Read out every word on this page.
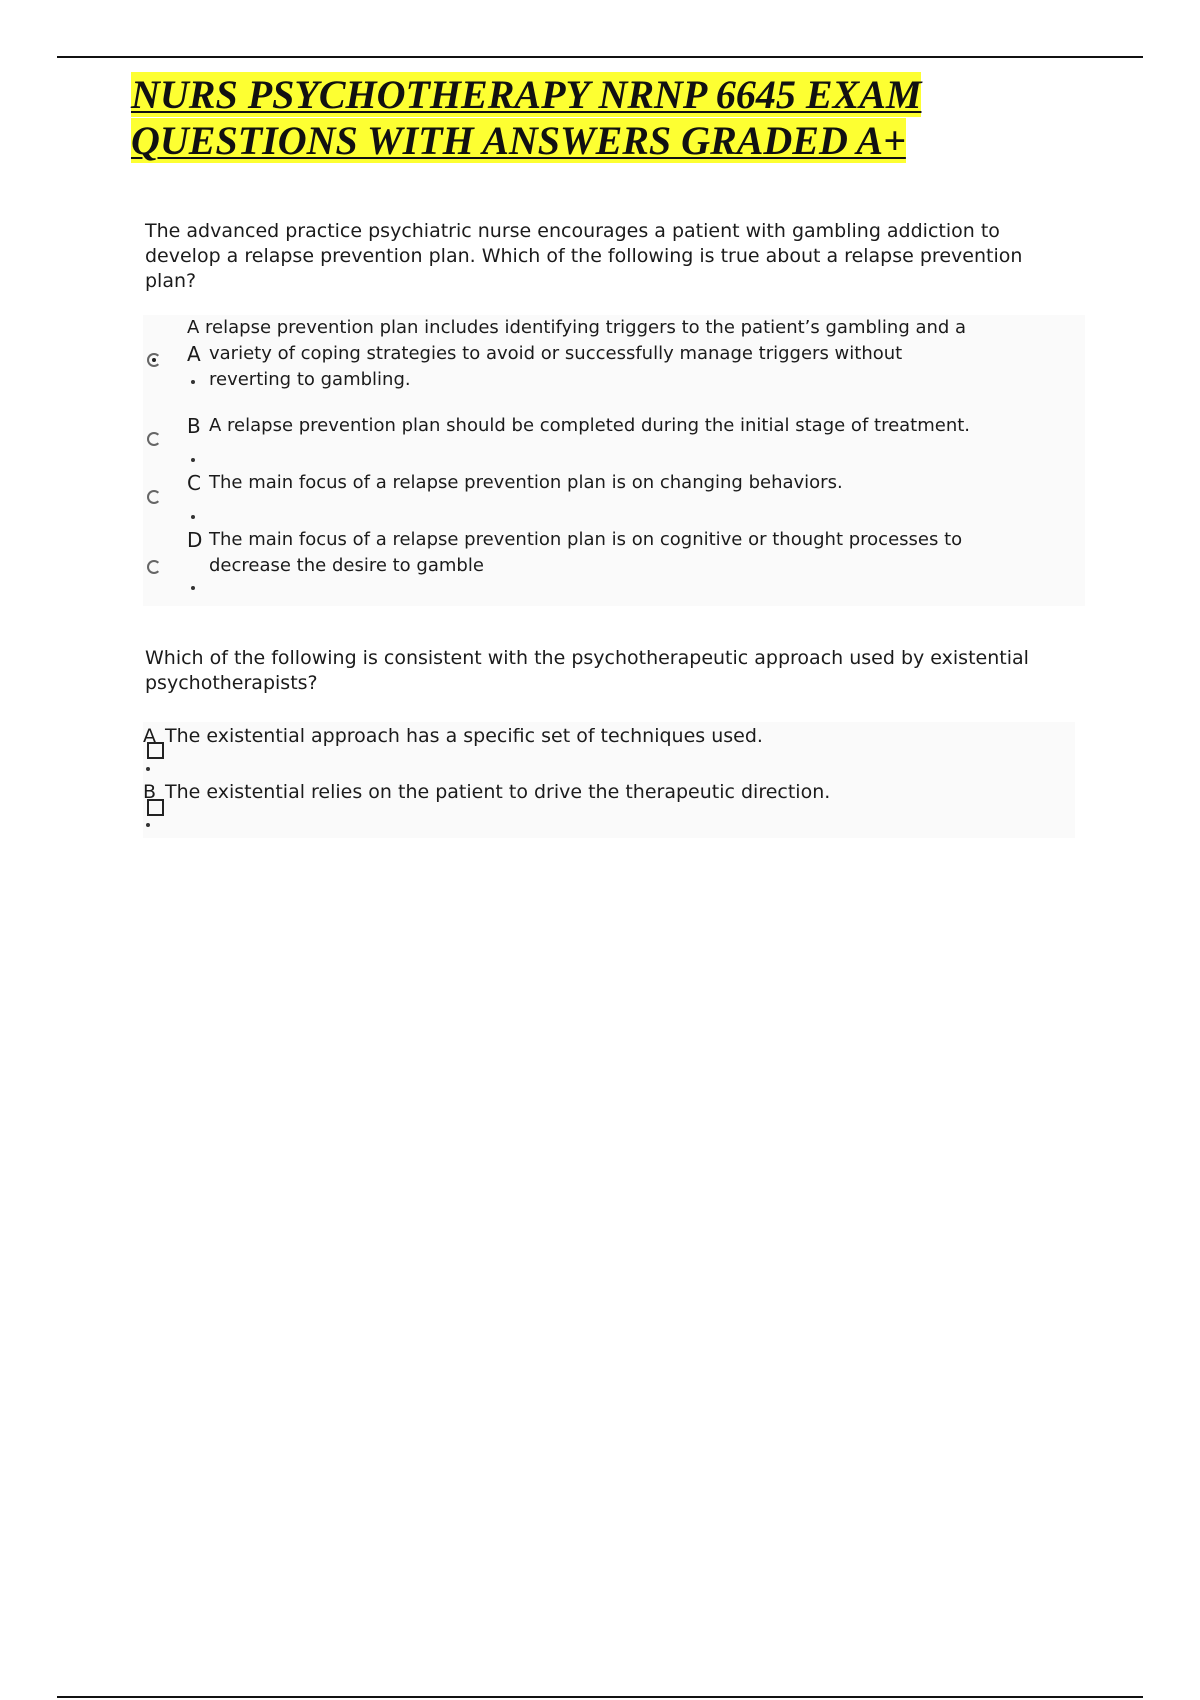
NURS PSYCHOTHERAPY NRNP 6645 EXAM
QUESTIONS WITH ANSWERS GRADED A+
The advanced practice psychiatric nurse encourages a patient with gambling addiction to develop a relapse prevention plan. Which of the following is true about a relapse prevention plan?
A
A relapse prevention plan includes identifying triggers to the patient’s gambling and a variety of coping strategies to avoid or successfully manage triggers without reverting to gambling.
B A relapse prevention plan should be completed during the initial stage of treatment.
C The main focus of a relapse prevention plan is on changing behaviors.
D The main focus of a relapse prevention plan is on cognitive or thought processes to decrease the desire to gamble
Which of the following is consistent with the psychotherapeutic approach used by existential psychotherapists?
A The existential approach has a specific set of techniques used.
B The existential relies on the patient to drive the therapeutic direction.
